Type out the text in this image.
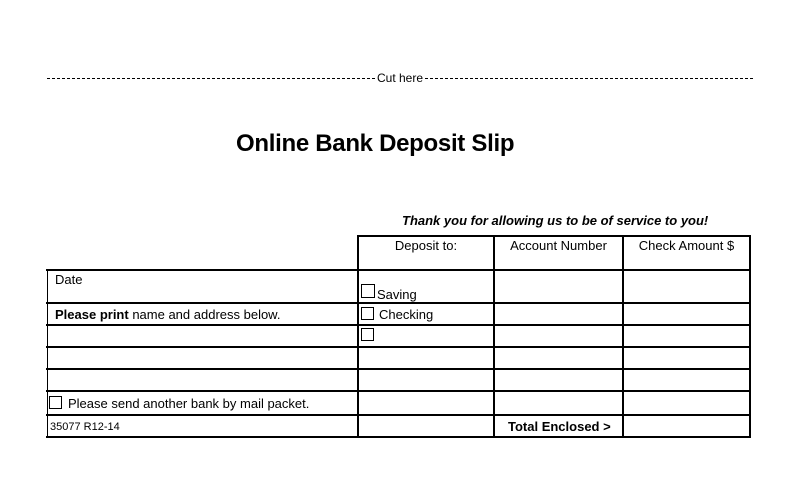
Cut here
Online Bank Deposit Slip
Thank you for allowing us to be of service to you!
Deposit to:	Account Number	Check Amount $
Date
Please print name and address below.
Please send another bank by mail packet.
35077 R12-14
Saving
Checking
Total Enclosed >
